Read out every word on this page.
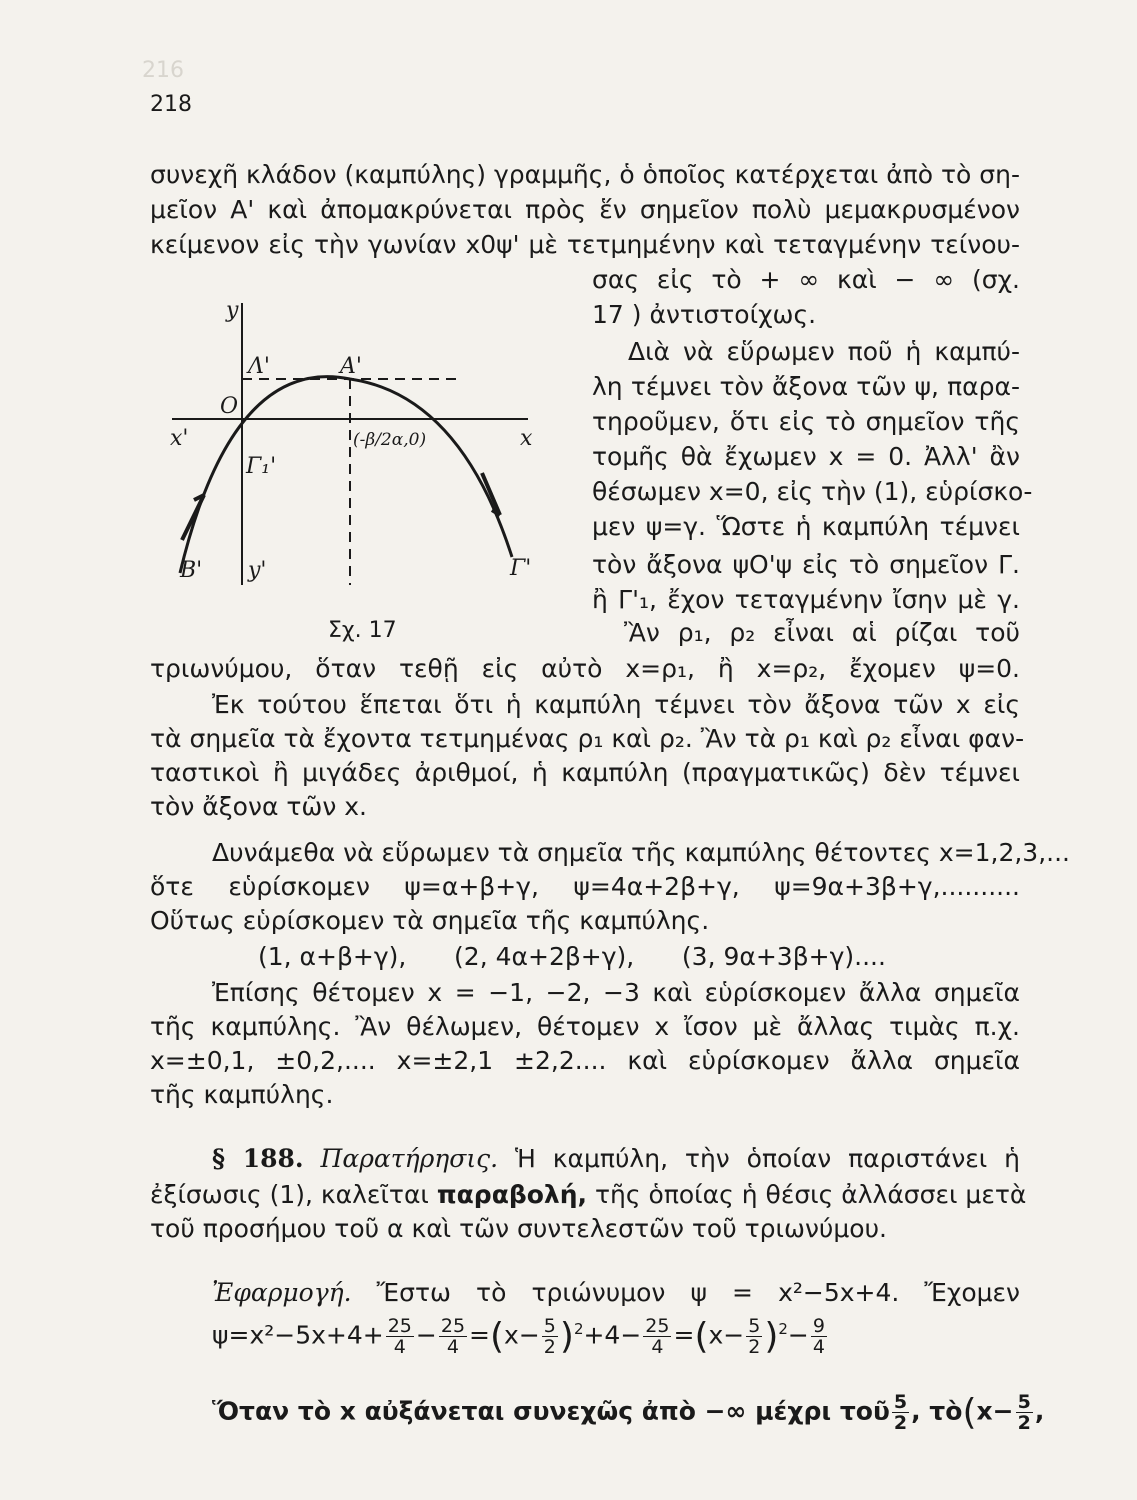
216
218
συνεχῆ κλάδον (καμπύλης) γραμμῆς, ὁ ὁποῖος κατέρχεται ἀπὸ τὸ ση-
μεῖον Α' καὶ ἀπομακρύνεται πρὸς ἕν σημεῖον πολὺ μεμακρυσμένον
κείμενον εἰς τὴν γωνίαν x0ψ' μὲ τετμημένην καὶ τεταγμένην τείνου-
σας εἰς τὸ + ∞ καὶ − ∞ (σχ.
17 ) ἀντιστοίχως.
Διὰ νὰ εὕρωμεν ποῦ ἡ καμπύ-
λη τέμνει τὸν ἄξονα τῶν ψ, παρα-
τηροῦμεν, ὅτι εἰς τὸ σημεῖον τῆς
τομῆς θὰ ἔχωμεν x = 0. Ἀλλ' ἂν
θέσωμεν x=0, εἰς τὴν (1), εὑρίσκο-
μεν ψ=γ. Ὥστε ἡ καμπύλη τέμνει
τὸν ἄξονα ψΟ'ψ εἰς τὸ σημεῖον Γ.
ἢ Γ'₁, ἔχον τεταγμένην ἴσην μὲ γ.
Ἂν ρ₁, ρ₂ εἶναι αἱ ρίζαι τοῦ
y
x
x'
y'
O
Λ'	A'
(-β/2α,0)
Γ₁'
B'	Γ'
Σχ. 17
τριωνύμου, ὅταν τεθῇ εἰς αὐτὸ x=ρ₁, ἢ x=ρ₂, ἔχομεν ψ=0.
Ἐκ τούτου ἕπεται ὅτι ἡ καμπύλη τέμνει τὸν ἄξονα τῶν x εἰς
τὰ σημεῖα τὰ ἔχοντα τετμημένας ρ₁ καὶ ρ₂. Ἂν τὰ ρ₁ καὶ ρ₂ εἶναι φαν-
ταστικοὶ ἢ μιγάδες ἀριθμοί, ἡ καμπύλη (πραγματικῶς) δὲν τέμνει
τὸν ἄξονα τῶν x.
Δυνάμεθα νὰ εὕρωμεν τὰ σημεῖα τῆς καμπύλης θέτοντες x=1,2,3,...
ὅτε εὑρίσκομεν ψ=α+β+γ, ψ=4α+2β+γ, ψ=9α+3β+γ,..........
Οὕτως εὑρίσκομεν τὰ σημεῖα τῆς καμπύλης.
(1, α+β+γ),      (2, 4α+2β+γ),      (3, 9α+3β+γ)....
Ἐπίσης θέτομεν x = −1, −2, −3 καὶ εὑρίσκομεν ἄλλα σημεῖα
τῆς καμπύλης. Ἂν θέλωμεν, θέτομεν x ἴσον μὲ ἄλλας τιμὰς π.χ.
x=±0,1, ±0,2,.... x=±2,1 ±2,2.... καὶ εὑρίσκομεν ἄλλα σημεῖα
τῆς καμπύλης.
§ 188. Παρατήρησις. Ἡ καμπύλη, τὴν ὁποίαν παριστάνει ἡ
ἐξίσωσις (1), καλεῖται παραβολή, τῆς ὁποίας ἡ θέσις ἀλλάσσει μετὰ
τοῦ προσήμου τοῦ α καὶ τῶν συντελεστῶν τοῦ τριωνύμου.
Ἐφαρμογή. Ἔστω τὸ τριώνυμον ψ = x²−5x+4. Ἔχομεν
$\psi=x^2-5x+4+ \frac{25}{4} - \frac{25}{4} =(x- \frac{5}{2} )^2+4- \frac{25}{4} =(x- \frac{5}{2} )^2- \frac{9}{4}$
Ὅταν τὸ x αὐξάνεται συνεχῶς ἀπὸ −∞ μέχρι τοῦ $\frac{5}{2}$ , τὸ(x− $\frac{5}{2}$ ,
